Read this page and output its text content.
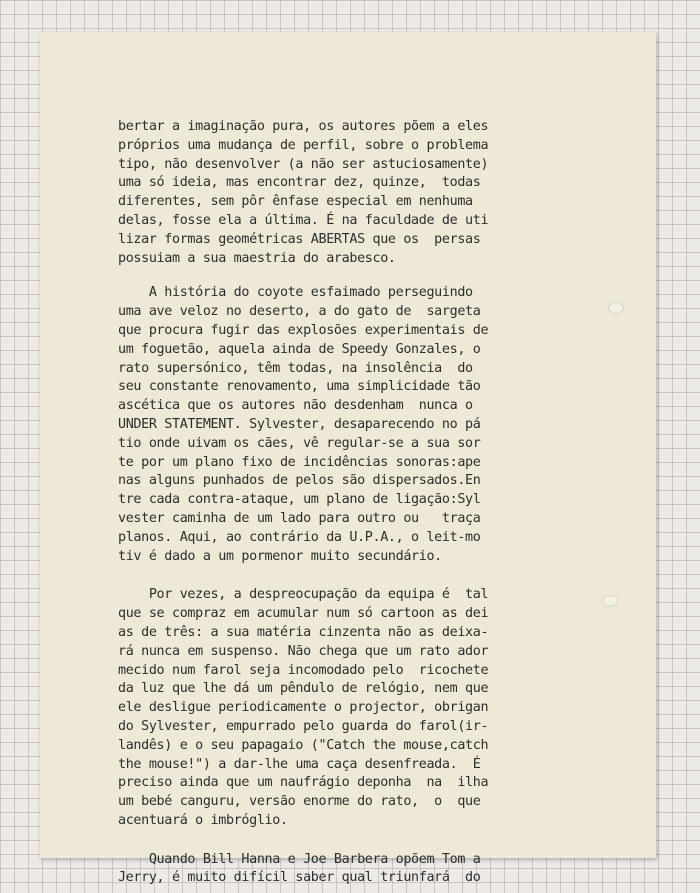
bertar a imaginação pura, os autores põem a eles
próprios uma mudança de perfil, sobre o problema
tipo, não desenvolver (a não ser astuciosamente)
uma só ideia, mas encontrar dez, quinze,  todas
diferentes, sem pôr ênfase especial em nenhuma
delas, fosse ela a última. É na faculdade de uti
lizar formas geométricas ABERTAS que os  persas
possuiam a sua maestria do arabesco.
A história do coyote esfaimado perseguindo
uma ave veloz no deserto, a do gato de  sargeta
que procura fugir das explosões experimentais de
um foguetão, aquela ainda de Speedy Gonzales, o
rato supersónico, têm todas, na insolência  do
seu constante renovamento, uma simplicidade tão
ascética que os autores não desdenham  nunca o
UNDER STATEMENT. Sylvester, desaparecendo no pá
tio onde uivam os cães, vê regular-se a sua sor
te por um plano fixo de incidências sonoras:ape
nas alguns punhados de pelos são dispersados.En
tre cada contra-ataque, um plano de ligação:Syl
vester caminha de um lado para outro ou   traça
planos. Aqui, ao contrário da U.P.A., o leit-mo
tiv é dado a um pormenor muito secundário.
Por vezes, a despreocupação da equipa é  tal
que se compraz em acumular num só cartoon as dei
as de três: a sua matéria cinzenta não as deixa-
rá nunca em suspenso. Não chega que um rato ador
mecido num farol seja incomodado pelo  ricochete
da luz que lhe dá um pêndulo de relógio, nem que
ele desligue periodicamente o projector, obrigan
do Sylvester, empurrado pelo guarda do farol(ir-
landês) e o seu papagaio ("Catch the mouse,catch
the mouse!") a dar-lhe uma caça desenfreada.  É
preciso ainda que um naufrágio deponha  na  ilha
um bebé canguru, versão enorme do rato,  o  que
acentuará o imbróglio.
Quando Bill Hanna e Joe Barbera opõem Tom a
Jerry, é muito difícil saber qual triunfará  do
